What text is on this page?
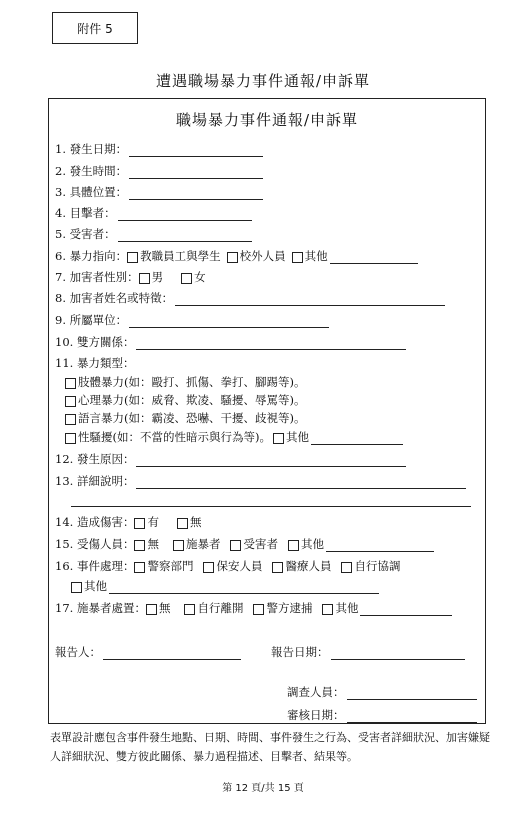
附件 5
遭遇職場暴力事件通報/申訴單
職場暴力事件通報/申訴單
1. 發生日期：
2. 發生時間：
3. 具體位置：
4. 目擊者：
5. 受害者：
6. 暴力指向： 教職員工與學生 校外人員 其他
7. 加害者性別： 男	女
8. 加害者姓名或特徵：
9. 所屬單位：
10. 雙方關係：
11. 暴力類型：
肢體暴力(如：毆打、抓傷、拳打、腳踢等)。
心理暴力(如：威脅、欺凌、騷擾、辱罵等)。
語言暴力(如：霸凌、恐嚇、干擾、歧視等)。
性騷擾(如：不當的性暗示與行為等)。 其他
12. 發生原因：
13. 詳細說明：
14. 造成傷害： 有	無
15. 受傷人員： 無 施暴者 受害者 其他
16. 事件處理： 警察部門 保安人員 醫療人員 自行協調
其他
17. 施暴者處置： 無 自行離開 警方逮捕 其他
報告人：	報告日期：
調查人員：
審核日期：
表單設計應包含事件發生地點、日期、時間、事件發生之行為、受害者詳細狀況、加害嫌疑人詳細狀況、雙方彼此關係、暴力過程描述、目擊者、結果等。
第 12 頁/共 15 頁
